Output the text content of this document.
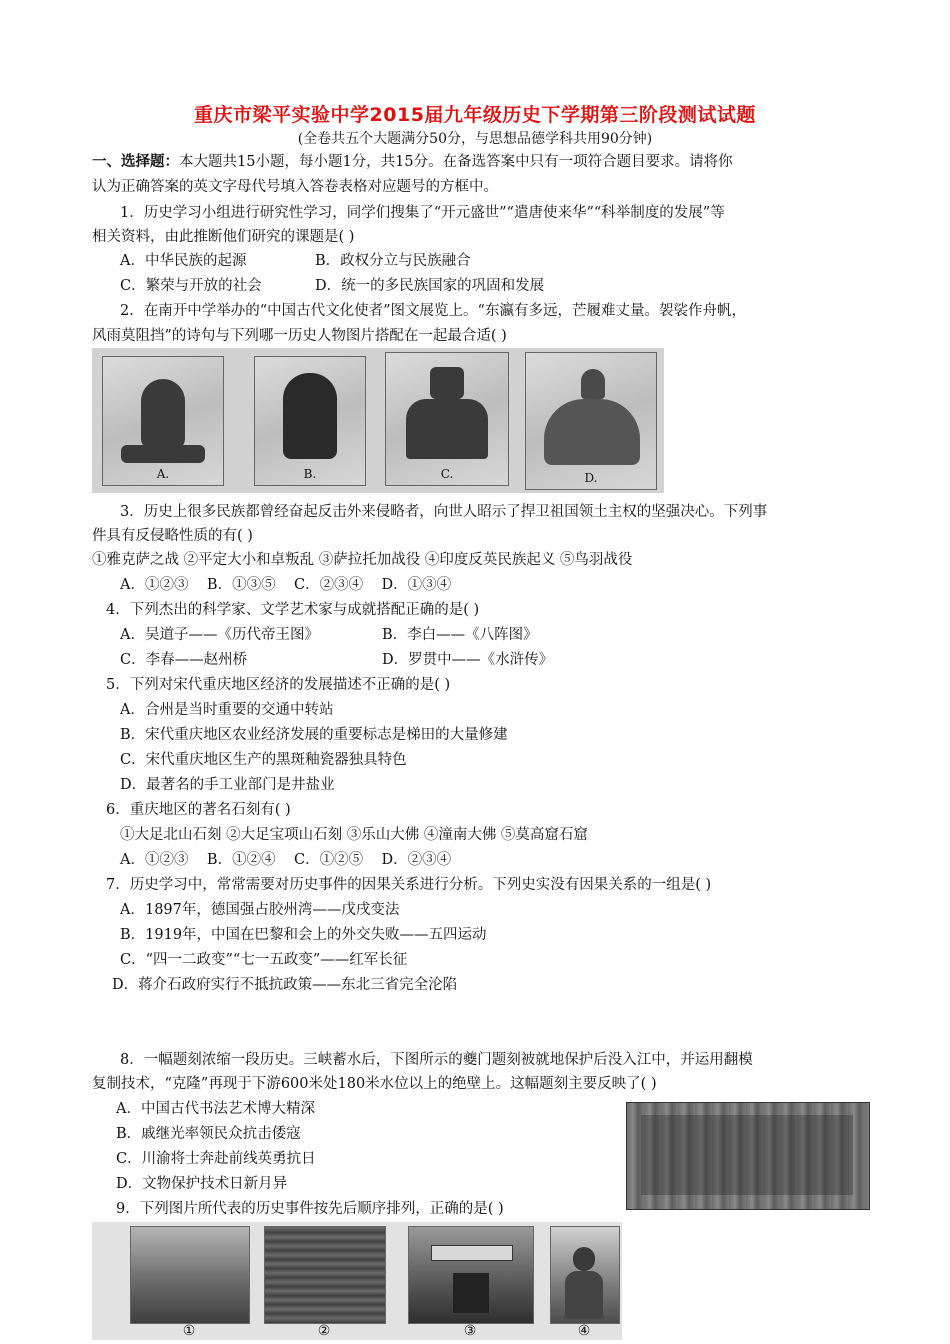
重庆市梁平实验中学2015届九年级历史下学期第三阶段测试试题
(全卷共五个大题满分50分，与思想品德学科共用90分钟)
一、选择题：本大题共15小题，每小题1分，共15分。在备选答案中只有一项符合题目要求。请将你
认为正确答案的英文字母代号填入答卷表格对应题号的方框中。
1．历史学习小组进行研究性学习，同学们搜集了“开元盛世”“遣唐使来华”“科举制度的发展”等
相关资料，由此推断他们研究的课题是( )
A．中华民族的起源	B．政权分立与民族融合
C．繁荣与开放的社会	D．统一的多民族国家的巩固和发展
2．在南开中学举办的“中国古代文化使者”图文展览上。“东瀛有多远，芒履难丈量。袈裟作舟帆，
风雨莫阻挡”的诗句与下列哪一历史人物图片搭配在一起最合适( )
A.	B.	C.	D.
3．历史上很多民族都曾经奋起反击外来侵略者，向世人昭示了捍卫祖国领土主权的坚强决心。下列事
件具有反侵略性质的有( )
①雅克萨之战 ②平定大小和卓叛乱 ③萨拉托加战役 ④印度反英民族起义 ⑤鸟羽战役
A．①②③    B．①③⑤    C．②③④    D．①③④
4．下列杰出的科学家、文学艺术家与成就搭配正确的是( )
A．吴道子——《历代帝王图》	B．李白——《八阵图》
C．李春——赵州桥	D．罗贯中——《水浒传》
5．下列对宋代重庆地区经济的发展描述不正确的是( )
A．合州是当时重要的交通中转站
B．宋代重庆地区农业经济发展的重要标志是梯田的大量修建
C．宋代重庆地区生产的黑斑釉瓷器独具特色
D．最著名的手工业部门是井盐业
6．重庆地区的著名石刻有( )
①大足北山石刻 ②大足宝项山石刻 ③乐山大佛 ④潼南大佛 ⑤莫高窟石窟
A．①②③    B．①②④    C．①②⑤    D．②③④
7．历史学习中，常常需要对历史事件的因果关系进行分析。下列史实没有因果关系的一组是( )
A．1897年，德国强占胶州湾——戊戌变法
B．1919年，中国在巴黎和会上的外交失败——五四运动
C．“四一二政变”“七一五政变”——红军长征
D．蒋介石政府实行不抵抗政策——东北三省完全沦陷
8．一幅题刻浓缩一段历史。三峡蓄水后，下图所示的夔门题刻被就地保护后没入江中，并运用翻模
复制技术，“克隆”再现于下游600米处180米水位以上的绝壁上。这幅题刻主要反映了( )
A．中国古代书法艺术博大精深
B．戚继光率领民众抗击倭寇
C．川渝将士奔赴前线英勇抗日
D．文物保护技术日新月异
9．下列图片所代表的历史事件按先后顺序排列，正确的是( )
①	②	③	④
